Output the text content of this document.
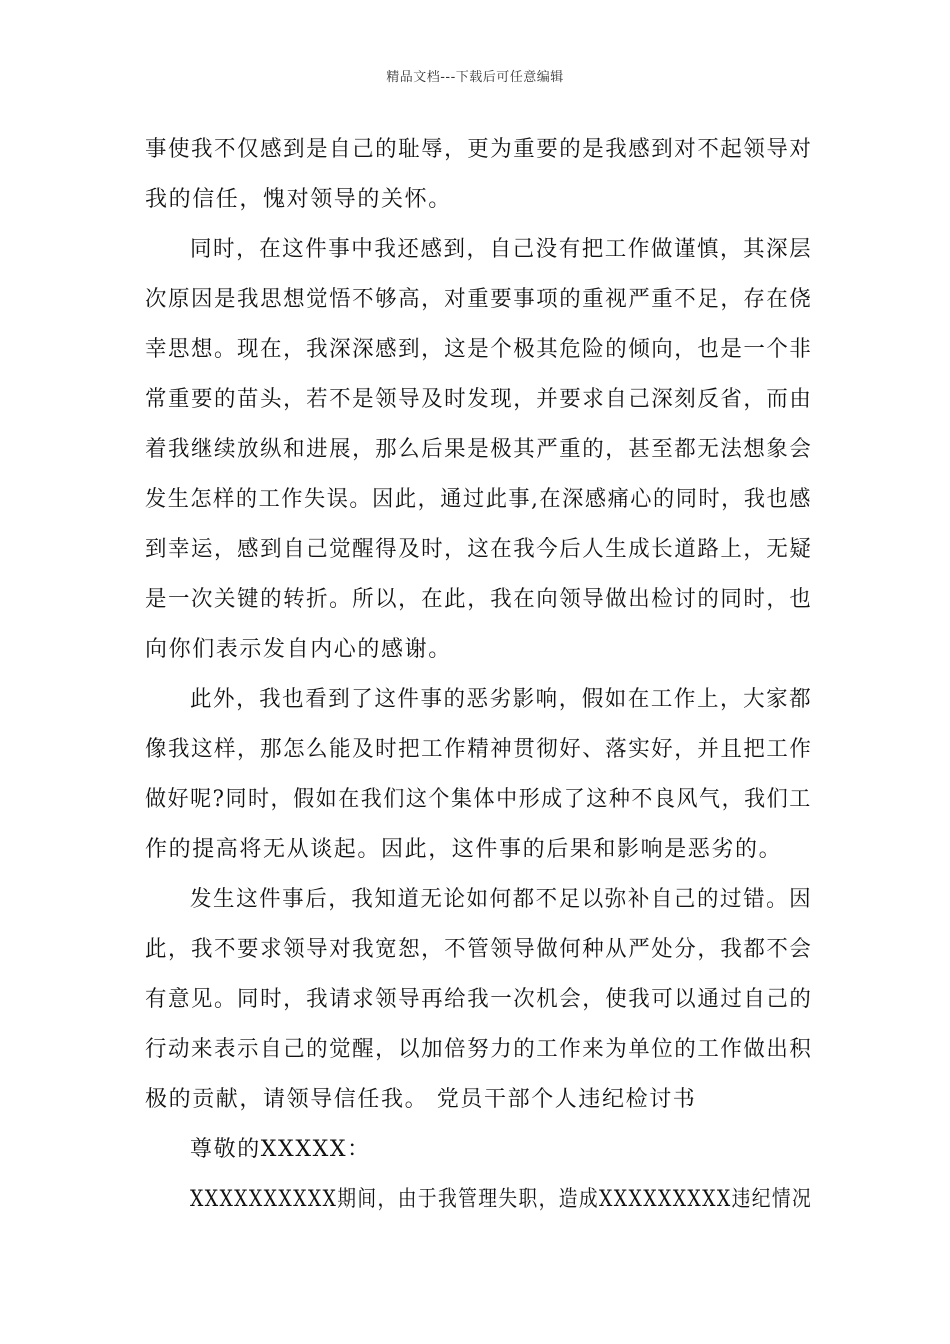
精品文档---下载后可任意编辑
事使我不仅感到是自己的耻辱，更为重要的是我感到对不起领导对
我的信任，愧对领导的关怀。
同时，在这件事中我还感到，自己没有把工作做谨慎，其深层
次原因是我思想觉悟不够高，对重要事项的重视严重不足，存在侥
幸思想。现在，我深深感到，这是个极其危险的倾向，也是一个非
常重要的苗头，若不是领导及时发现，并要求自己深刻反省，而由
着我继续放纵和进展，那么后果是极其严重的，甚至都无法想象会
发生怎样的工作失误。因此，通过此事,在深感痛心的同时，我也感
到幸运，感到自己觉醒得及时，这在我今后人生成长道路上，无疑
是一次关键的转折。所以，在此，我在向领导做出检讨的同时，也
向你们表示发自内心的感谢。
此外，我也看到了这件事的恶劣影响，假如在工作上，大家都
像我这样，那怎么能及时把工作精神贯彻好、落实好，并且把工作
做好呢?同时，假如在我们这个集体中形成了这种不良风气，我们工
作的提高将无从谈起。因此，这件事的后果和影响是恶劣的。
发生这件事后，我知道无论如何都不足以弥补自己的过错。因
此，我不要求领导对我宽恕，不管领导做何种从严处分，我都不会
有意见。同时，我请求领导再给我一次机会，使我可以通过自己的
行动来表示自己的觉醒，以加倍努力的工作来为单位的工作做出积
极的贡献，请领导信任我。 党员干部个人违纪检讨书
尊敬的XXXXX：
XXXXXXXXXX期间，由于我管理失职，造成XXXXXXXXX违纪情况
